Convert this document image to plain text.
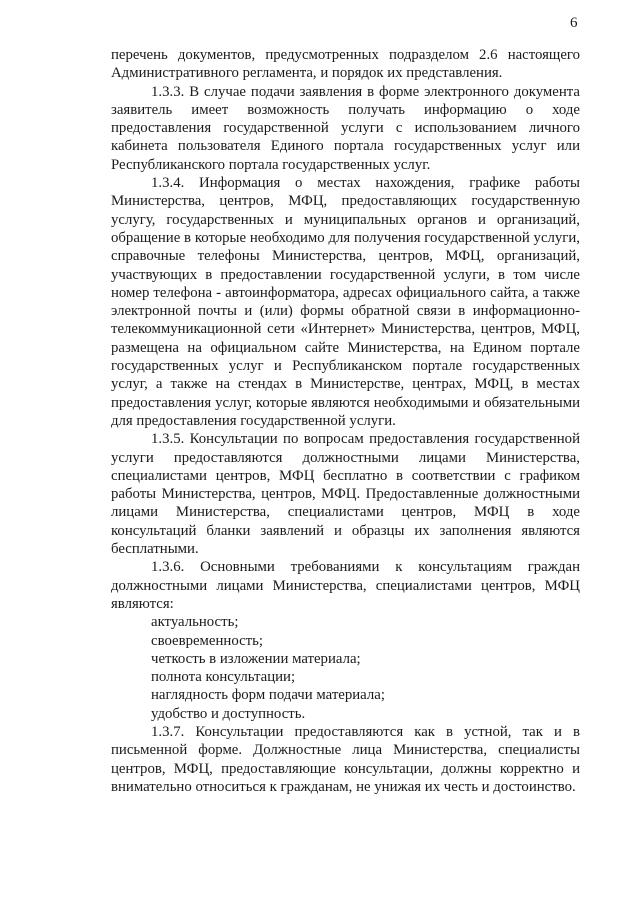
6

перечень документов, предусмотренных подразделом 2.6 настоящего Административного регламента, и порядок их представления.

1.3.3. В случае подачи заявления в форме электронного документа заявитель имеет возможность получать информацию о ходе предоставления государственной услуги с использованием личного кабинета пользователя Единого портала государственных услуг или Республиканского портала государственных услуг.

1.3.4. Информация о местах нахождения, графике работы Министерства, центров, МФЦ, предоставляющих государственную услугу, государственных и муниципальных органов и организаций, обращение в которые необходимо для получения государственной услуги, справочные телефоны Министерства, центров, МФЦ, организаций, участвующих в предоставлении государственной услуги, в том числе номер телефона - автоинформатора, адресах официального сайта, а также электронной почты и (или) формы обратной связи в информационно-телекоммуникационной сети «Интернет» Министерства, центров, МФЦ, размещена на официальном сайте Министерства, на Едином портале государственных услуг и Республиканском портале государственных услуг, а также на стендах в Министерстве, центрах, МФЦ, в местах предоставления услуг, которые являются необходимыми и обязательными для предоставления государственной услуги.

1.3.5. Консультации по вопросам предоставления государственной услуги предоставляются должностными лицами Министерства, специалистами центров, МФЦ бесплатно в соответствии с графиком работы Министерства, центров, МФЦ. Предоставленные должностными лицами Министерства, специалистами центров, МФЦ в ходе консультаций бланки заявлений и образцы их заполнения являются бесплатными.

1.3.6. Основными требованиями к консультациям граждан должностными лицами Министерства, специалистами центров, МФЦ являются:

актуальность;
своевременность;
четкость в изложении материала;
полнота консультации;
наглядность форм подачи материала;
удобство и доступность.

1.3.7. Консультации предоставляются как в устной, так и в письменной форме. Должностные лица Министерства, специалисты центров, МФЦ, предоставляющие консультации, должны корректно и внимательно относиться к гражданам, не унижая их честь и достоинство.
